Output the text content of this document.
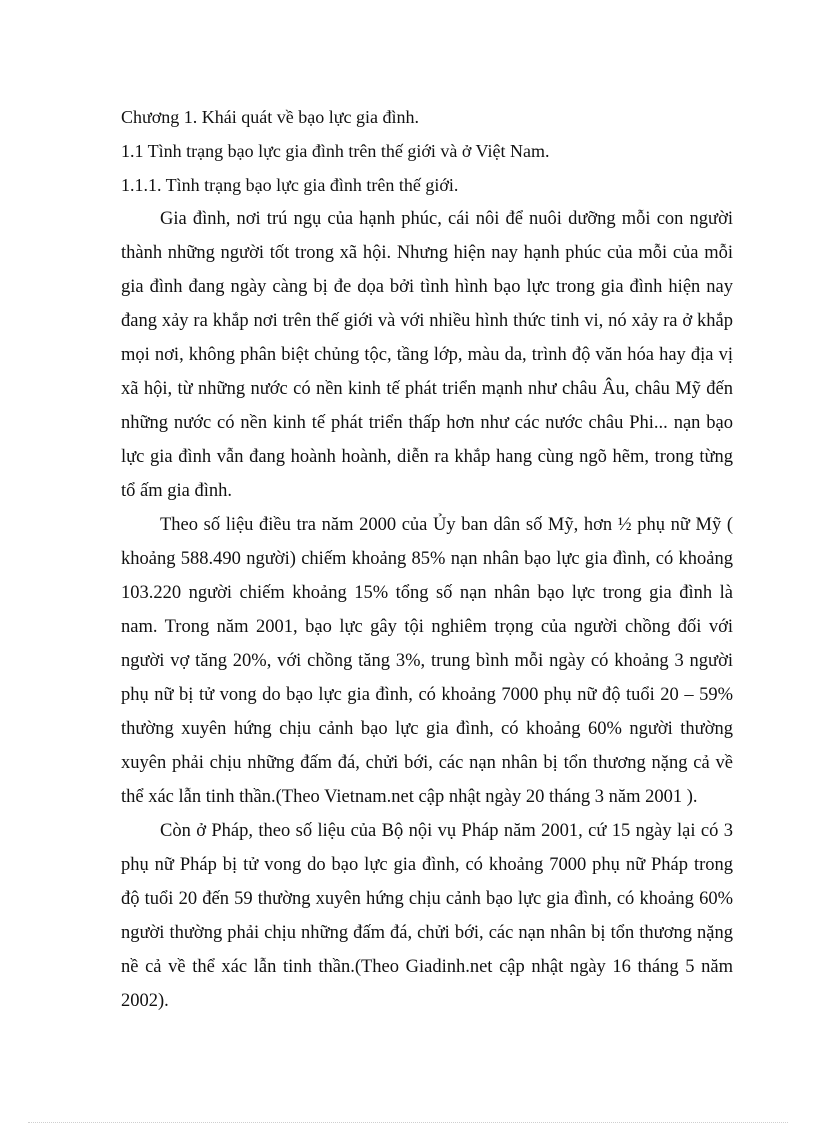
Chương 1. Khái quát về bạo lực gia đình.

1.1 Tình trạng bạo lực gia đình trên thế giới và ở Việt Nam.

1.1.1. Tình trạng bạo lực gia đình trên thế giới.

Gia đình, nơi trú ngụ của hạnh phúc, cái nôi để nuôi dưỡng mỗi con người thành những người tốt trong xã hội. Nhưng hiện nay hạnh phúc của mỗi của mỗi gia đình đang ngày càng bị đe dọa bởi tình hình bạo lực trong gia đình hiện nay đang xảy ra khắp nơi trên thế giới và với nhiều hình thức tinh vi, nó xảy ra ở khắp mọi nơi, không phân biệt chủng tộc, tầng lớp, màu da, trình độ văn hóa hay địa vị xã hội, từ những nước có nền kinh tế phát triển mạnh như châu Âu, châu Mỹ đến những nước có nền kinh tế phát triển thấp hơn như các nước châu Phi... nạn bạo lực gia đình vẫn đang hoành hoành, diễn ra khắp hang cùng ngõ hẽm, trong từng tổ ấm gia đình.

Theo số liệu điều tra năm 2000 của Ủy ban dân số Mỹ, hơn ½ phụ nữ Mỹ ( khoảng 588.490 người) chiếm khoảng 85% nạn nhân bạo lực gia đình, có khoảng 103.220 người chiếm khoảng 15% tổng số nạn nhân bạo lực trong gia đình là nam. Trong năm 2001, bạo lực gây tội nghiêm trọng của người chồng đối với người vợ tăng 20%, với chồng tăng 3%, trung bình mỗi ngày có khoảng 3 người phụ nữ bị tử vong do bạo lực gia đình, có khoảng 7000 phụ nữ độ tuổi 20 – 59% thường xuyên hứng chịu cảnh bạo lực gia đình, có khoảng 60% người thường xuyên phải chịu những đấm đá, chửi bới, các nạn nhân bị tổn thương nặng cả về thể xác lẫn tinh thần.(Theo Vietnam.net cập nhật ngày 20 tháng 3 năm 2001 ).

Còn ở Pháp, theo số liệu của Bộ nội vụ Pháp năm 2001, cứ 15 ngày lại có 3 phụ nữ Pháp bị tử vong do bạo lực gia đình, có khoảng 7000 phụ nữ Pháp trong độ tuổi 20 đến 59 thường xuyên hứng chịu cảnh bạo lực gia đình, có khoảng 60% người thường phải chịu những đấm đá, chửi bới, các nạn nhân bị tổn thương nặng nề cả về thể xác lẫn tinh thần.(Theo Giadinh.net cập nhật ngày 16 tháng 5 năm 2002).
